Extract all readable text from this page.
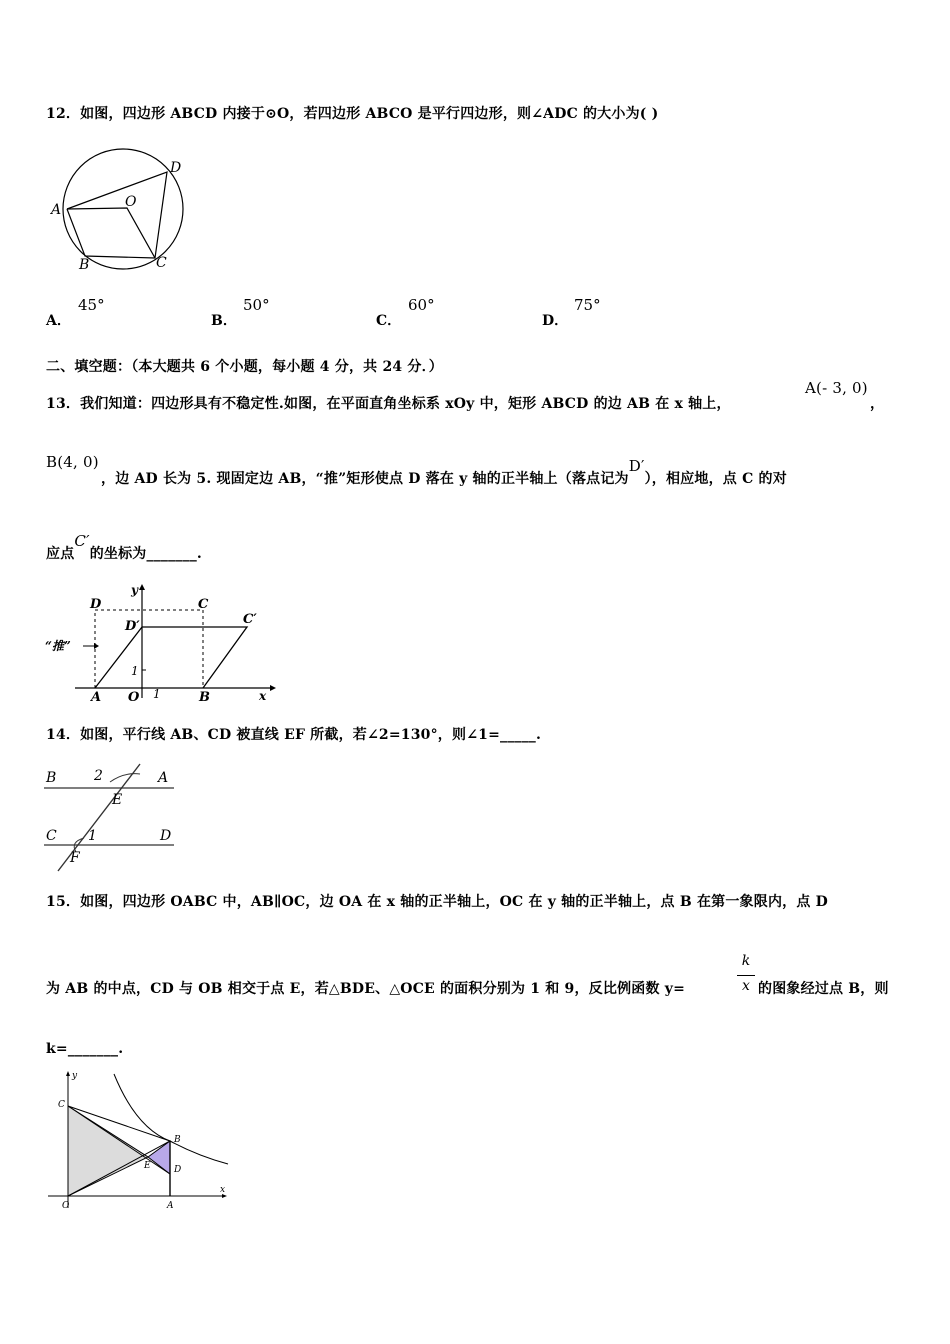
12．如图，四边形 ABCD 内接于⊙O，若四边形 ABCO 是平行四边形，则∠ADC 的大小为( )
A
B	C
D
O
A．
45°
B．
50°
C．
60°
D．
75°
二、填空题：（本大题共 6 个小题，每小题 4 分，共 24 分．）
13．我们知道：四边形具有不稳定性.如图，在平面直角坐标系 xOy 中，矩形 ABCD 的边 AB 在 x 轴上，
A(- 3, 0)
，
B(4, 0)
，边 AD 长为 5. 现固定边 AB，“推”矩形使点 D 落在 y 轴的正半轴上（落点记为D′），相应地，点 C 的对
应点C′的坐标为_______.
D	C
D′	C′
“推”
y
x
1
1
A O	B
14．如图，平行线 AB、CD 被直线 EF 所截，若∠2=130°，则∠1=_____.
B	2	A
E
C 1	D
F
15．如图，四边形 OABC 中，AB∥OC，边 OA 在 x 轴的正半轴上，OC 在 y 轴的正半轴上，点 B 在第一象限内，点 D
为 AB 的中点，CD 与 OB 相交于点 E，若△BDE、△OCE 的面积分别为 1 和 9，反比例函数 y=
k
x 的图象经过点 B，则
k=_______.
y
x
C
B
E	D
O	A
